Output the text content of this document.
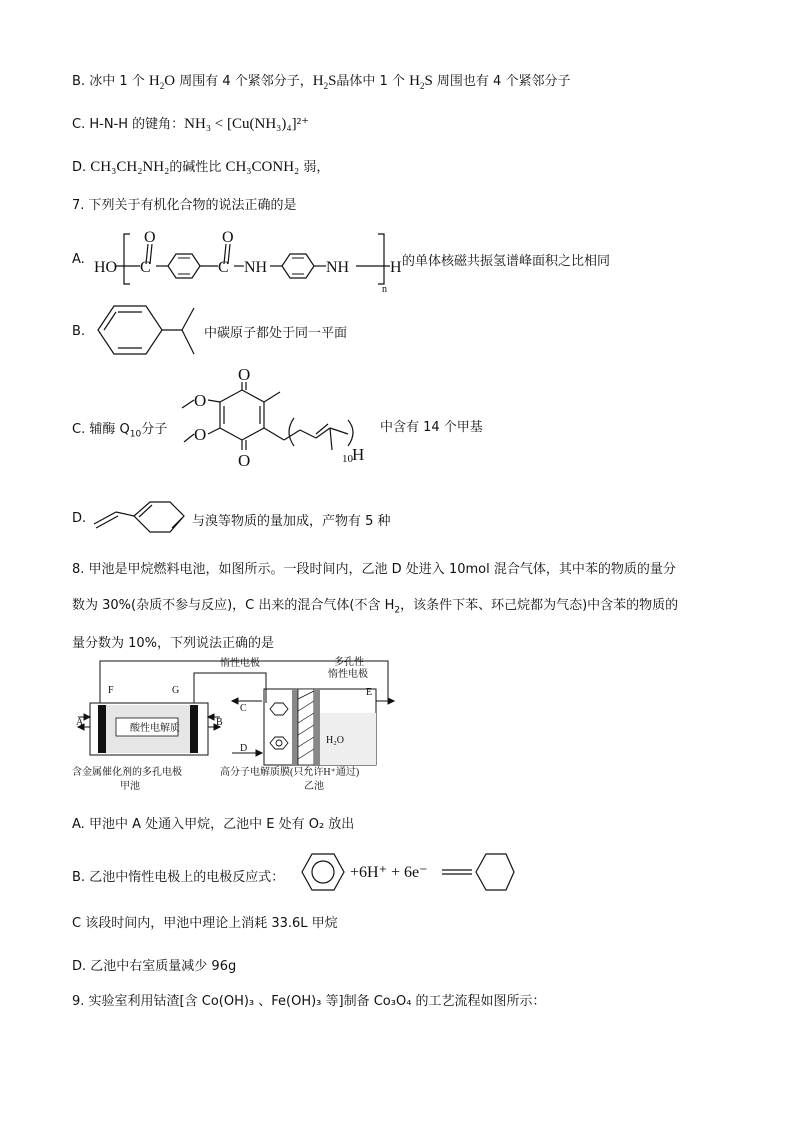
B. 冰中 1 个 $H_2O$ 周围有 4 个紧邻分子，$H_2S$晶体中 1 个 $H_2S$ 周围也有 4 个紧邻分子
C. H-N-H 的键角：NH₃ < [Cu(NH₃)₄]²⁺
D. CH₃CH₂NH₂的碱性比 CH₃CONH₂ 弱，
7. 下列关于有机化合物的说法正确的是
A. HO C
O
C
O
NH	NH	H
n
的单体核磁共振氢谱峰面积之比相同
B.	中碳原子都处于同一平面
C. 辅酶 $Q_{10}$分子
O
O
O
O
H
10
中含有 14 个甲基
D.	与溴等物质的量加成，产物有 5 种
8. 甲池是甲烷燃料电池，如图所示。一段时间内，乙池 D 处进入 10mol 混合气体，其中苯的物质的量分
数为 30%(杂质不参与反应)，C 出来的混合气体(不含 $H_2$，该条件下苯、环己烷都为气态)中含苯的物质的
量分数为 10%，下列说法正确的是
酸性电解质
惰性电极	多孔性
惰性电极
H₂O
含金属催化剂的多孔电极
甲池
高分子电解质膜(只允许H⁺通过)
乙池
A	B
C
D
E
F	G
A. 甲池中 A 处通入甲烷，乙池中 E 处有 O₂ 放出
B. 乙池中惰性电极上的电极反应式：	+6H⁺ + 6e⁻
C 该段时间内，甲池中理论上消耗 33.6L 甲烷
D. 乙池中右室质量减少 96g
9. 实验室利用钴渣[含 Co(OH)₃ 、Fe(OH)₃ 等]制备 Co₃O₄ 的工艺流程如图所示：
